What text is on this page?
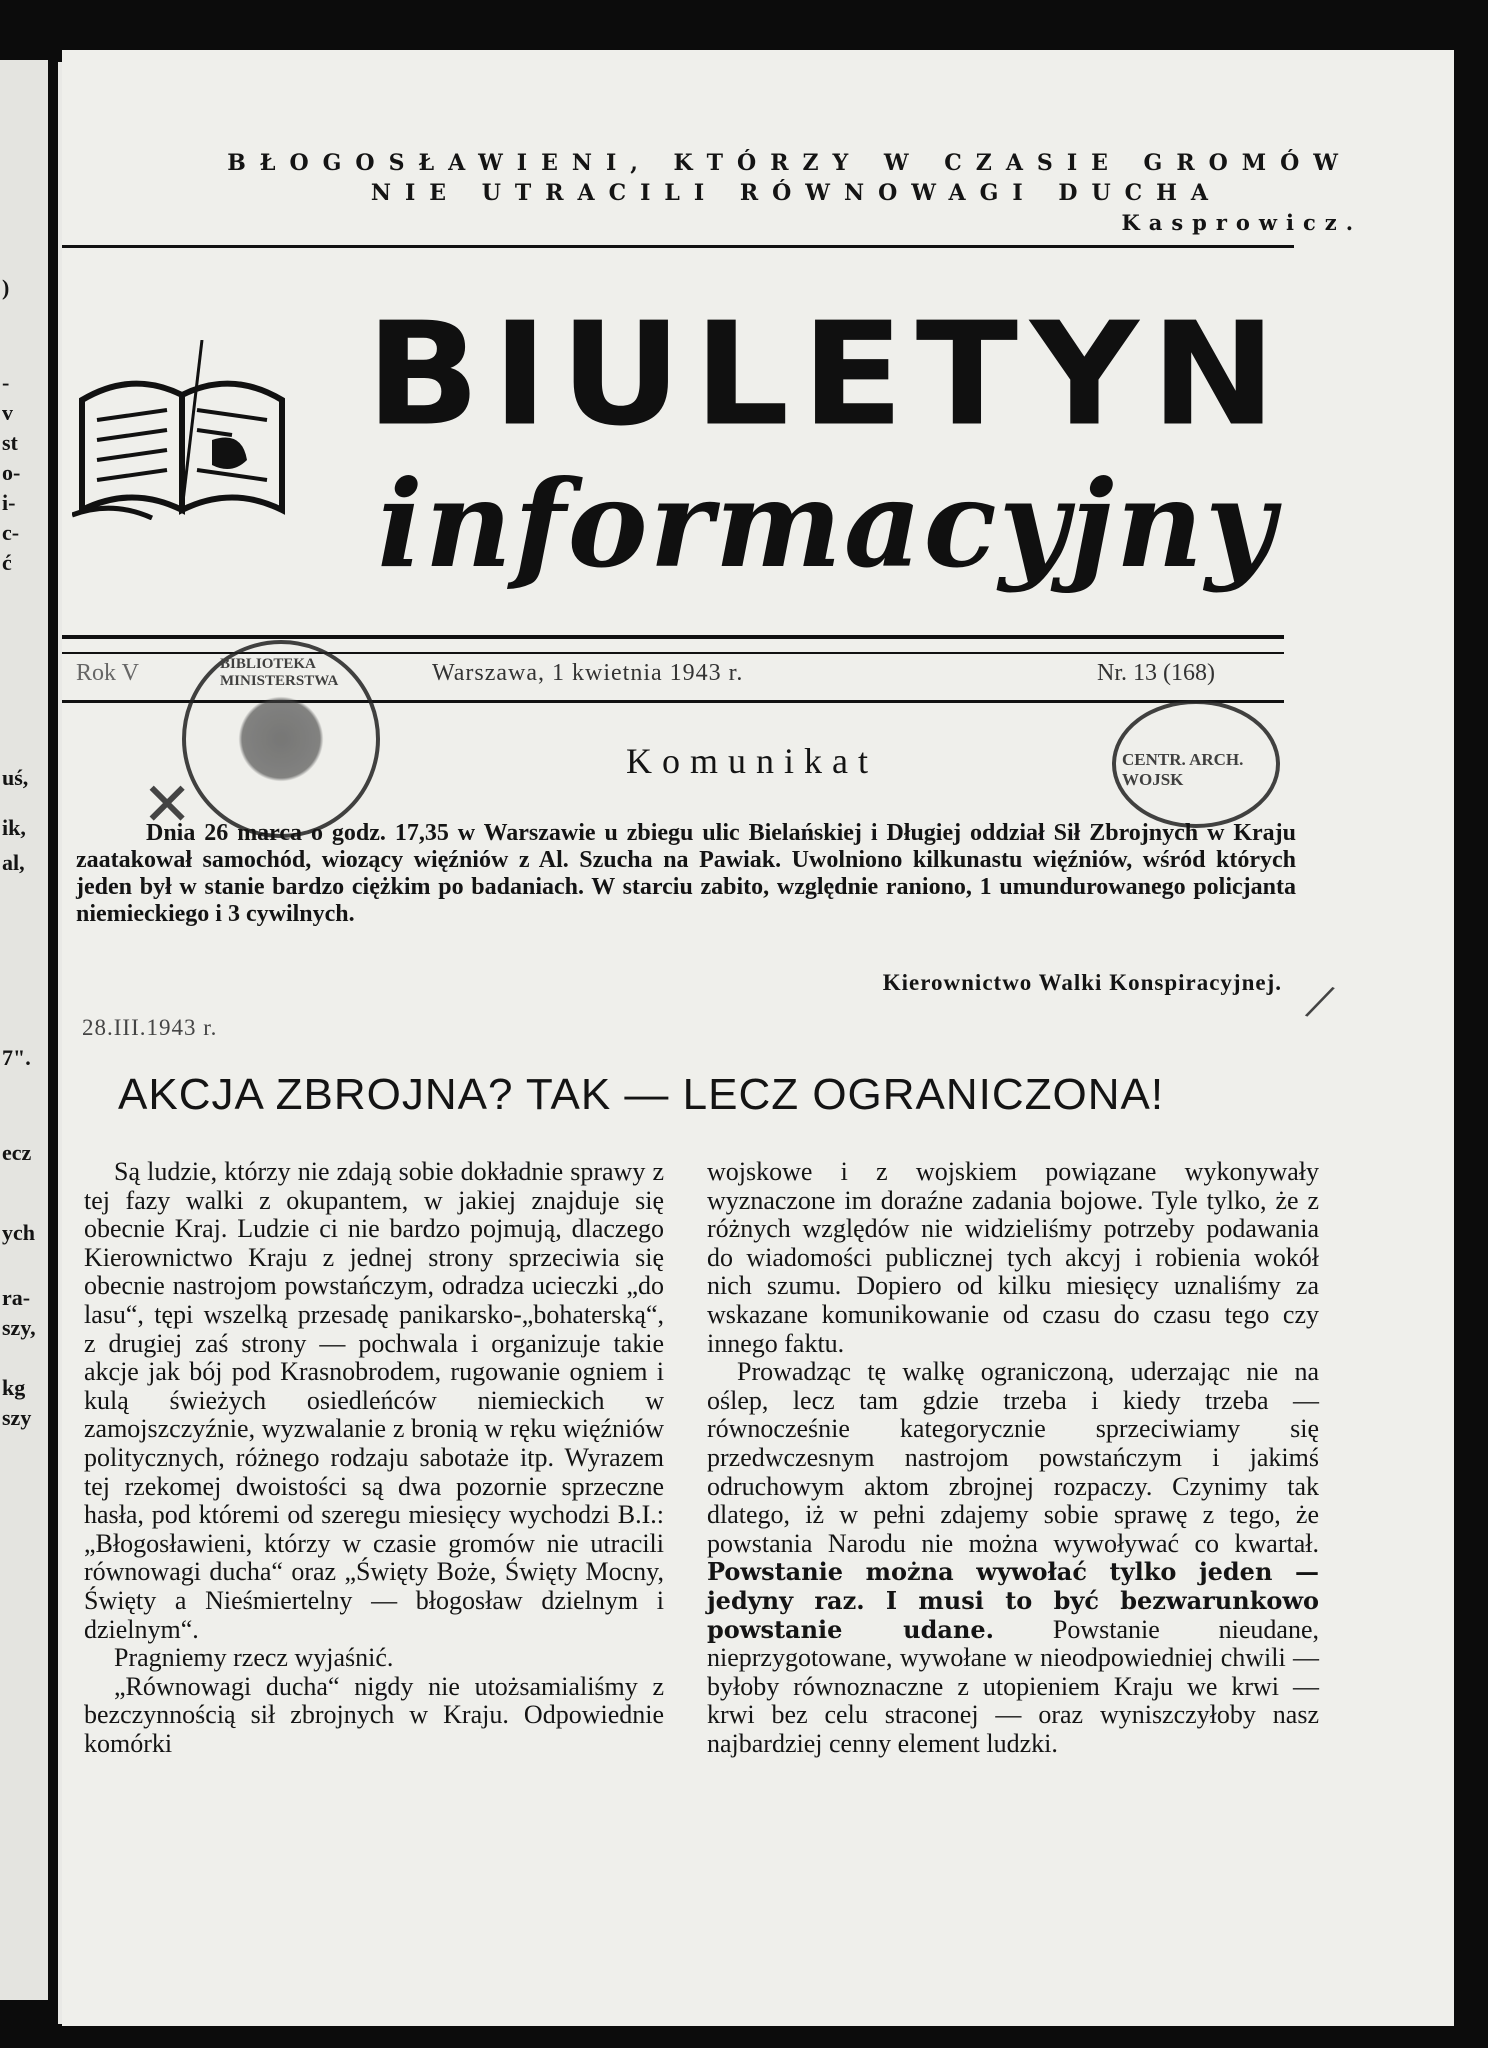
)
-
v
st
o-
i-
c-
ć
uś,
ik,
al,
7".
ecz
ych
ra-
szy,
kg
szy
BŁOGOSŁAWIENI, KTÓRZY W CZASIE GROMÓW
NIE UTRACILI RÓWNOWAGI DUCHA
Kasprowicz.
BIULETYN
informacyjny
Rok V	Warszawa, 1 kwietnia 1943 r.	Nr. 13 (168)
BIBLIOTEKA MINISTERSTWA
CENTR. ARCH. WOJSK
✕
Komunikat

Dnia 26 marca o godz. 17,35 w Warszawie u zbiegu ulic Bielańskiej i Długiej oddział Sił Zbrojnych w Kraju zaatakował samochód, wiozący więźniów z Al. Szucha na Pawiak. Uwolniono kilkunastu więźniów, wśród których jeden był w stanie bardzo ciężkim po badaniach. W starciu zabito, względnie raniono, 1 umundurowanego policjanta niemieckiego i 3 cywilnych.

Kierownictwo Walki Konspiracyjnej. /
28.III.1943 r.
AKCJA ZBROJNA? TAK — LECZ OGRANICZONA!

Są ludzie, którzy nie zdają sobie dokładnie sprawy z tej fazy walki z okupantem, w jakiej znajduje się obecnie Kraj. Ludzie ci nie bardzo pojmują, dlaczego Kierownictwo Kraju z jednej strony sprzeciwia się obecnie nastrojom powstańczym, odradza ucieczki „do lasu“, tępi wszelką przesadę panikarsko-„bohaterską“, z drugiej zaś strony — pochwala i organizuje takie akcje jak bój pod Krasnobrodem, rugowanie ogniem i kulą świeżych osiedleńców niemieckich w zamojszczyźnie, wyzwalanie z bronią w ręku więźniów politycznych, różnego rodzaju sabotaże itp. Wyrazem tej rzekomej dwoistości są dwa pozornie sprzeczne hasła, pod któremi od szeregu miesięcy wychodzi B.I.: „Błogosławieni, którzy w czasie gromów nie utracili równowagi ducha“ oraz „Święty Boże, Święty Mocny, Święty a Nieśmiertelny — błogosław dzielnym i dzielnym“.

Pragniemy rzecz wyjaśnić.

„Równowagi ducha“ nigdy nie utożsamialiśmy z bezczynnością sił zbrojnych w Kraju. Odpowiednie komórki

wojskowe i z wojskiem powiązane wykonywały wyznaczone im doraźne zadania bojowe. Tyle tylko, że z różnych względów nie widzieliśmy potrzeby podawania do wiadomości publicznej tych akcyj i robienia wokół nich szumu. Dopiero od kilku miesięcy uznaliśmy za wskazane komunikowanie od czasu do czasu tego czy innego faktu.

Prowadząc tę walkę ograniczoną, uderzając nie na oślep, lecz tam gdzie trzeba i kiedy trzeba — równocześnie kategorycznie sprzeciwiamy się przedwczesnym nastrojom powstańczym i jakimś odruchowym aktom zbrojnej rozpaczy. Czynimy tak dlatego, iż w pełni zdajemy sobie sprawę z tego, że powstania Narodu nie można wywoływać co kwartał. Powstanie można wywołać tylko jeden — jedyny raz. I musi to być bezwarunkowo powstanie udane. Powstanie nieudane, nieprzygotowane, wywołane w nieodpowiedniej chwili — byłoby równoznaczne z utopieniem Kraju we krwi — krwi bez celu straconej — oraz wyniszczyłoby nasz najbardziej cenny element ludzki.
